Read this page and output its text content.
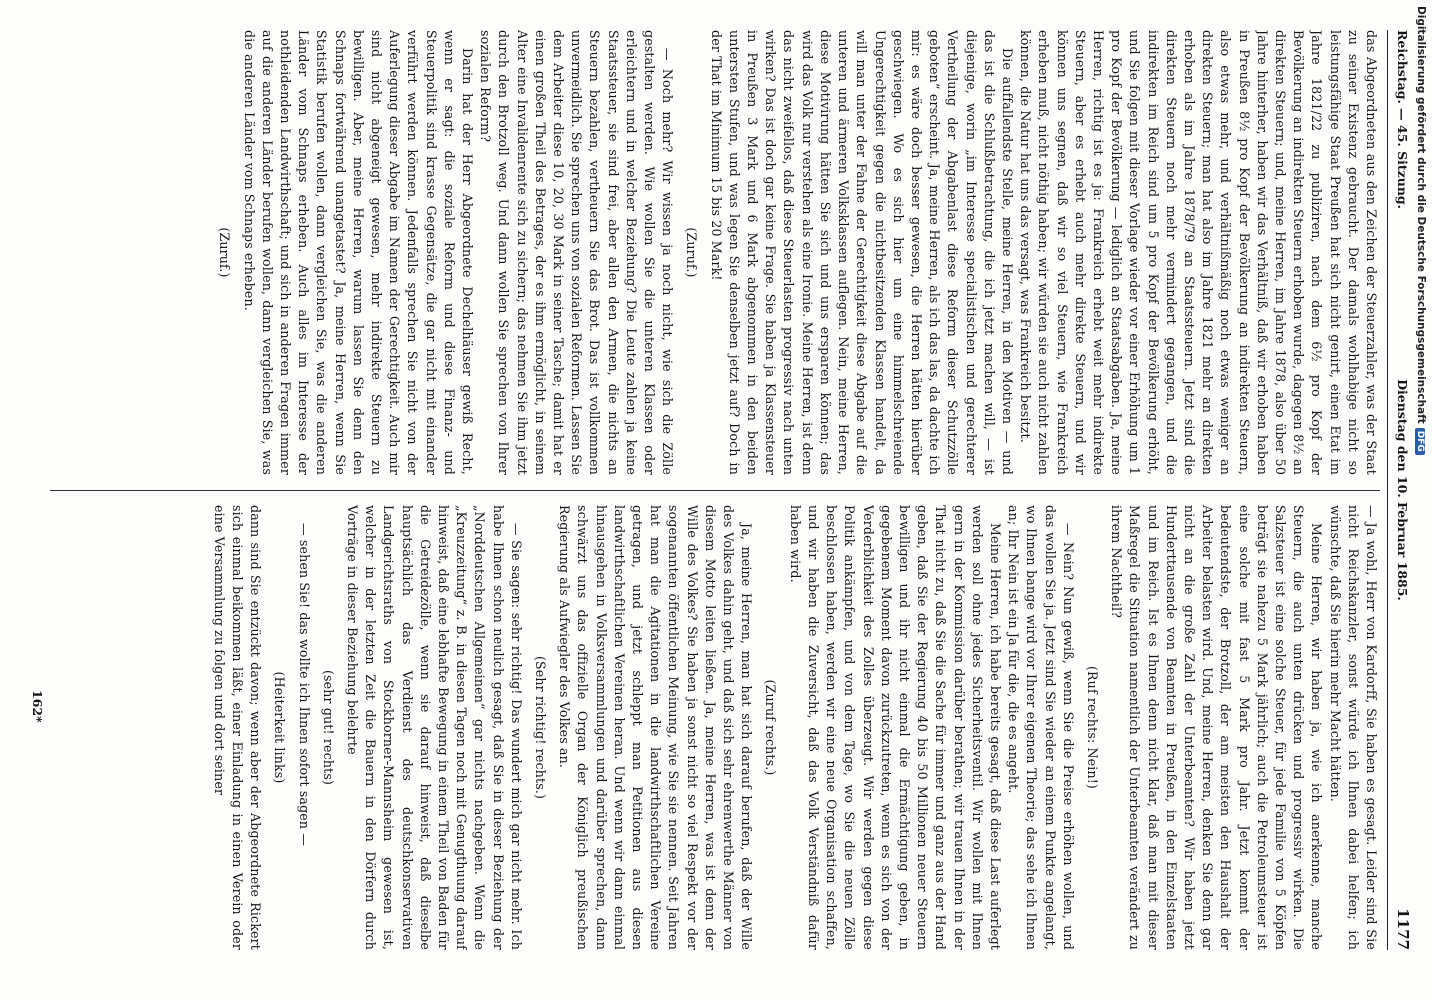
Reichstag. — 45. Sitzung.
Dienstag den 10. Februar 1885.
1177

das Abgeordneten aus den Zeichen der Steuerzahler, was der Staat zu seiner Existenz gebraucht. Der damals wohlhabige nicht so leistungsfähige Staat Preußen hat sich nicht genirt, einen Etat im Jahre 1821/22 zu publiziren, nach dem 6½ pro Kopf der Bevölkerung an indirekten Steuern erhoben wurde, dagegen 8½ an direkten Steuern; und, meine Herren, im Jahre 1878, also über 50 Jahre hinterher, haben wir das Verhältniß, daß wir erhoben haben in Preußen 8½ pro Kopf der Bevölkerung an indirekten Steuern, also etwas mehr, und verhältnißmäßig noch etwas weniger an direkten Steuern; man hat also im Jahre 1821 mehr an direkten erhoben als im Jahre 1878/79 an Staatssteuern. Jetzt sind die direkten Steuern noch mehr vermindert gegangen, und die indirekten im Reich sind um 5 pro Kopf der Bevölkerung erhöht, und Sie folgen mit dieser Vorlage wieder vor einer Erhöhung um 1 pro Kopf der Bevölkerung — lediglich an Staatsabgaben. Ja, meine Herren, richtig ist es ja: Frankreich erhebt weit mehr indirekte Steuern, aber es erhebt auch mehr direkte Steuern, und wir können uns segnen, daß wir so viel Steuern, wie Frankreich erheben muß, nicht nöthig haben; wir würden sie auch nicht zahlen können, die Natur hat uns das versagt, was Frankreich besitzt.

Die auffallendste Stelle, meine Herren, in den Motiven — und das ist die Schlußbetrachtung, die ich jetzt machen will, — ist diejenige, worin „im Interesse specialistischen und gerechterer Vertheilung der Abgabenlast diese Reform dieser Schutzzölle geboten“ erscheint. Ja, meine Herren, als ich das las, da dachte ich mir: es wäre doch besser gewesen, die Herren hätten hierüber geschwiegen. Wo es sich hier um eine himmelschreiende Ungerechtigkeit gegen die nichtbesitzenden Klassen handelt, da will man unter der Fahne der Gerechtigkeit diese Abgabe auf die unteren und ärmeren Volksklassen auflegen. Nein, meine Herren, diese Motivirung hätten Sie sich und uns ersparen können; das wird das Volk nur verstehen als eine Ironie. Meine Herren, ist denn das nicht zweifellos, daß diese Steuerlasten progressiv nach unten wirken? Das ist doch gar keine Frage. Sie haben ja Klassensteuer in Preußen 3 Mark und 6 Mark abgenommen in den beiden untersten Stufen, und was legen Sie denselben jetzt auf? Doch in der That im Minimum 15 bis 20 Mark!

(Zuruf.)

— Noch mehr? Wir wissen ja noch nicht, wie sich die Zölle gestalten werden. Wie wollen Sie die unteren Klassen oder erleichtern und in welcher Beziehung? Die Leute zahlen ja keine Staatssteuer, sie sind frei, aber allen den Armen, die nichts an Steuern bezahlen, vertheuern Sie das Brot. Das ist vollkommen unvermeidlich. Sie sprechen uns von sozialen Reformen. Lassen Sie dem Arbeiter diese 10, 20, 30 Mark in seiner Tasche; damit hat er einen großen Theil des Betrages, der es ihm ermöglicht, in seinem Alter eine Invalidenrente sich zu sichern; das nehmen Sie ihm jetzt durch den Brotzoll weg. Und dann wollen Sie sprechen von Ihrer sozialen Reform?

Darin hat der Herr Abgeordnete Dechelhäuser gewiß Recht, wenn er sagt: die soziale Reform und diese Finanz- und Steuerpolitik sind krasse Gegensätze, die gar nicht mit einander verführt werden können. Jedenfalls sprechen Sie nicht von der Auferlegung dieser Abgabe im Namen der Gerechtigkeit. Auch mir sind nicht abgeneigt gewesen, mehr indirekte Steuern zu bewilligen. Aber, meine Herren, warum lassen Sie denn den Schnaps fortwährend unangetastet? Ja, meine Herren, wenn Sie Statistik berufen wollen, dann vergleichen Sie, was die anderen Länder vom Schnaps erheben. Auch alles im Interesse der nothleidenden Landwirthschaft; und sich in anderen Fragen immer auf die anderen Länder berufen wollen, dann vergleichen Sie, was die anderen Länder vom Schnaps erheben.

(Zuruf.)

— Ja wohl, Herr von Kardorff, Sie haben es gesagt. Leider sind Sie nicht Reichskanzler, sonst würde ich Ihnen dabei helfen; ich wünschte, daß Sie hierin mehr Macht hätten.

Meine Herren, wir haben ja, wie ich anerkenne, manche Steuern, die auch unten drücken und progressiv wirken. Die Salzsteuer ist eine solche Steuer, für jede Familie von 5 Köpfen beträgt sie nahezu 5 Mark jährlich; auch die Petroleumsteuer ist eine solche mit fast 5 Mark pro Jahr. Jetzt kommt der bedeutendste, der Brotzoll, der am meisten den Haushalt der Arbeiter belasten wird. Und, meine Herren, denken Sie denn gar nicht an die große Zahl der Unterbeamten? Wir haben jetzt Hunderttausende von Beamten in Preußen, in den Einzelstaaten und im Reich. Ist es Ihnen denn nicht klar, daß man mit dieser Maßregel die Situation namentlich der Unterbeamten verändert zu ihrem Nachtheil?

(Ruf rechts: Nein!)

— Nein? Nun gewiß, wenn Sie die Preise erhöhen wollen, und das wollen Sie ja. Jetzt sind Sie wieder an einem Punkte angelangt, wo Ihnen bange wird vor Ihrer eigenen Theorie; das sehe ich Ihnen an; Ihr Nein ist ein Ja für die, die es angeht.

Meine Herren, ich habe bereits gesagt, daß diese Last auferlegt werden soll ohne jedes Sicherheitsventil. Wir wollen mit Ihnen gern in der Kommission darüber berathen; wir trauen Ihnen in der That nicht zu, daß Sie die Sache für immer und ganz aus der Hand geben, daß Sie der Regierung 40 bis 50 Millionen neuer Steuern bewilligen und ihr nicht einmal die Ermächtigung geben, in gegebenem Moment davon zurückzutreten, wenn es sich von der Verderblichkeit des Zolles überzeugt. Wir werden gegen diese Politik ankämpfen, und von dem Tage, wo Sie die neuen Zölle beschlossen haben, werden wir eine neue Organisation schaffen, und wir haben die Zuversicht, daß das Volk Verständniß dafür haben wird.

(Zuruf rechts.)

Ja, meine Herren, man hat sich darauf berufen, daß der Wille des Volkes dahin geht, und daß sich sehr ehrenwerthe Männer von diesem Motto leiten ließen. Ja, meine Herren, was ist denn der Wille des Volkes? Sie haben ja sonst nicht so viel Respekt vor der sogenannten öffentlichen Meinung, wie Sie sie nennen. Seit Jahren hat man die Agitationen in die landwirthschaftlichen Vereine getragen, und jetzt schleppt man Petitionen aus diesen landwirthschaftlichen Vereinen heran. Und wenn wir dann einmal hinausgehen in Volksversammlungen und darüber sprechen, dann schwärzt uns das offizielle Organ der Königlich preußischen Regierung als Aufwiegler des Volkes an.

(Sehr richtig! rechts.)

— Sie sagen: sehr richtig! Das wundert mich gar nicht mehr. Ich habe Ihnen schon neulich gesagt, daß Sie in dieser Beziehung der „Norddeutschen Allgemeinen“ gar nichts nachgeben. Wenn die „Kreuzzeitung“ z. B. in diesen Tagen noch mit Genugthuung darauf hinweist, daß eine lebhafte Bewegung in einem Theil von Baden für die Getreidezölle, wenn sie darauf hinweist, daß dieselbe hauptsächlich das Verdienst des deutschkonservativen Landgerichtsraths von Stockhorner-Mannsheim gewesen ist, welcher in der letzten Zeit die Bauern in den Dörfern durch Vorträge in dieser Beziehung belehrte

(sehr gut! rechts)

— sehen Sie! das wollte ich Ihnen sofort sagen —

(Heiterkeit links)

dann sind Sie entzückt davon; wenn aber der Abgeordnete Rickert sich einmal beikommen läßt, einer Einladung in einen Verein oder eine Versammlung zu folgen und dort seiner

162*
Digitalisierung gefördert durch die Deutsche ForschungsgemeinschaftDFG
